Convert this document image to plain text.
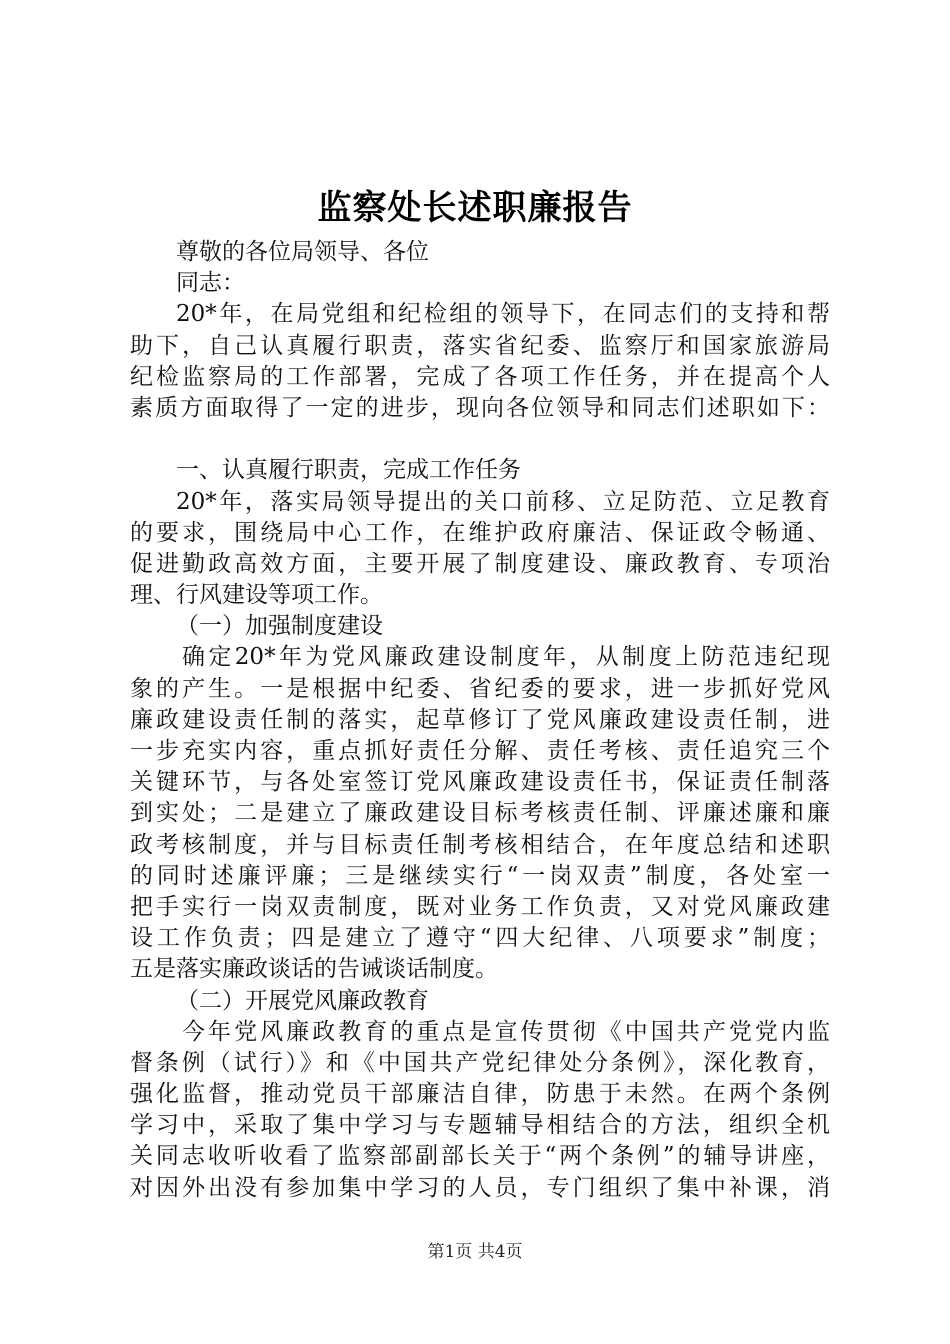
监察处长述职廉报告
尊敬的各位局领导、各位
同志：
20*年，在局党组和纪检组的领导下，在同志们的支持和帮
助下，自己认真履行职责，落实省纪委、监察厅和国家旅游局
纪检监察局的工作部署，完成了各项工作任务，并在提高个人
素质方面取得了一定的进步，现向各位领导和同志们述职如下：
一、认真履行职责，完成工作任务
20*年，落实局领导提出的关口前移、立足防范、立足教育
的要求，围绕局中心工作，在维护政府廉洁、保证政令畅通、
促进勤政高效方面，主要开展了制度建设、廉政教育、专项治
理、行风建设等项工作。
（一）加强制度建设
确定20*年为党风廉政建设制度年，从制度上防范违纪现
象的产生。一是根据中纪委、省纪委的要求，进一步抓好党风
廉政建设责任制的落实，起草修订了党风廉政建设责任制，进
一步充实内容，重点抓好责任分解、责任考核、责任追究三个
关键环节，与各处室签订党风廉政建设责任书，保证责任制落
到实处；二是建立了廉政建设目标考核责任制、评廉述廉和廉
政考核制度，并与目标责任制考核相结合，在年度总结和述职
的同时述廉评廉；三是继续实行“一岗双责”制度，各处室一
把手实行一岗双责制度，既对业务工作负责，又对党风廉政建
设工作负责；四是建立了遵守“四大纪律、八项要求”制度；
五是落实廉政谈话的告诫谈话制度。
（二）开展党风廉政教育
今年党风廉政教育的重点是宣传贯彻《中国共产党党内监
督条例（试行）》和《中国共产党纪律处分条例》，深化教育，
强化监督，推动党员干部廉洁自律，防患于未然。在两个条例
学习中，采取了集中学习与专题辅导相结合的方法，组织全机
关同志收听收看了监察部副部长关于“两个条例”的辅导讲座，
对因外出没有参加集中学习的人员，专门组织了集中补课，消
第1页 共4页
